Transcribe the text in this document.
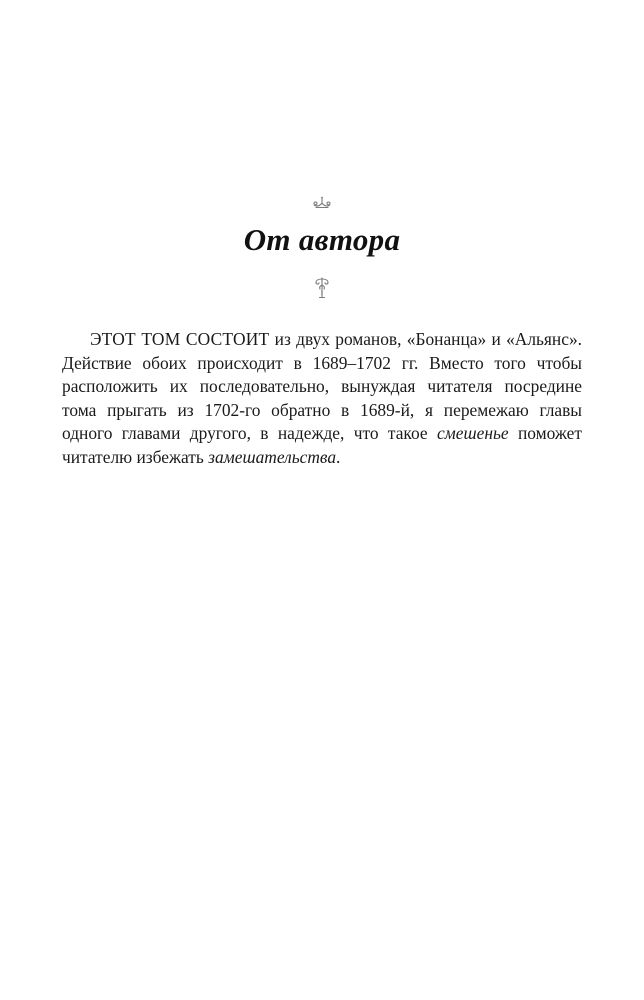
От автора
ЭТОТ ТОМ СОСТОИТ из двух романов, «Бонанца» и «Альянс».
Действие обоих происходит в 1689–1702 гг. Вместо того чтобы
расположить их последовательно, вынуждая читателя посредине
тома прыгать из 1702-го обратно в 1689-й, я перемежаю главы
одного главами другого, в надежде, что такое смешенье поможет
читателю избежать замешательства.
